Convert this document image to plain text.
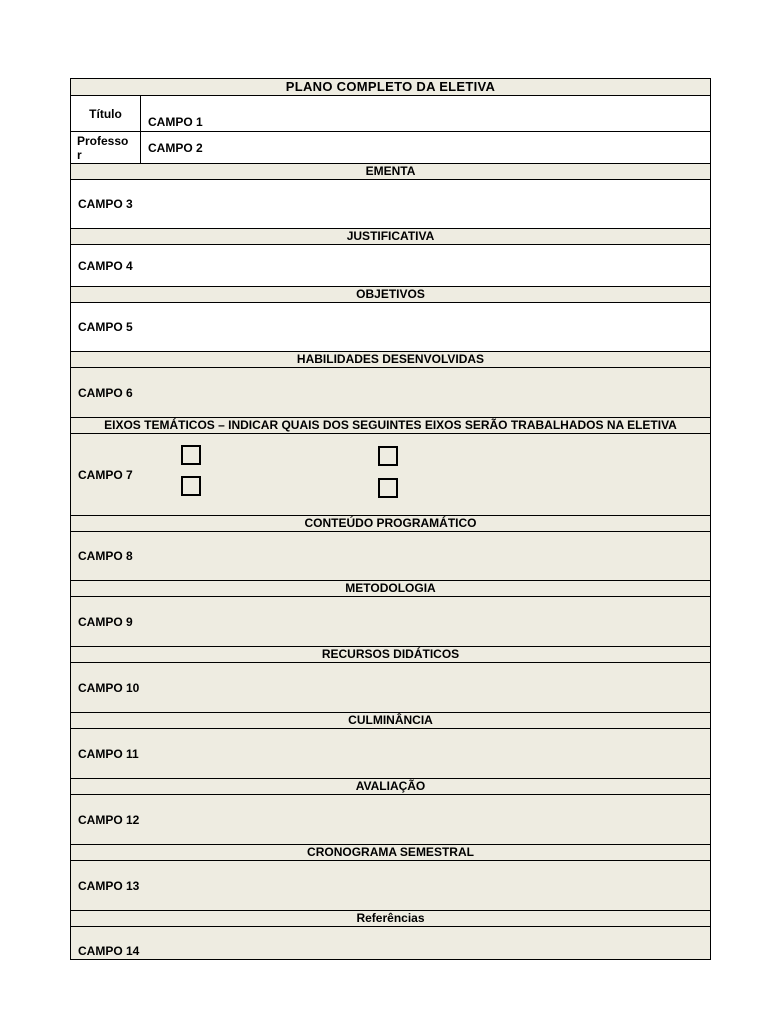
PLANO COMPLETO DA ELETIVA
Título
CAMPO 1
Professo r	CAMPO 2
EMENTA
CAMPO 3
JUSTIFICATIVA
CAMPO 4
OBJETIVOS
CAMPO 5
HABILIDADES DESENVOLVIDAS
CAMPO 6
EIXOS TEMÁTICOS – INDICAR QUAIS DOS SEGUINTES EIXOS SERÃO TRABALHADOS NA ELETIVA
CAMPO 7
CONTEÚDO PROGRAMÁTICO
CAMPO 8
METODOLOGIA
CAMPO 9
RECURSOS DIDÁTICOS
CAMPO 10
CULMINÂNCIA
CAMPO 11
AVALIAÇÃO
CAMPO 12
CRONOGRAMA SEMESTRAL
CAMPO 13
Referências
CAMPO 14
